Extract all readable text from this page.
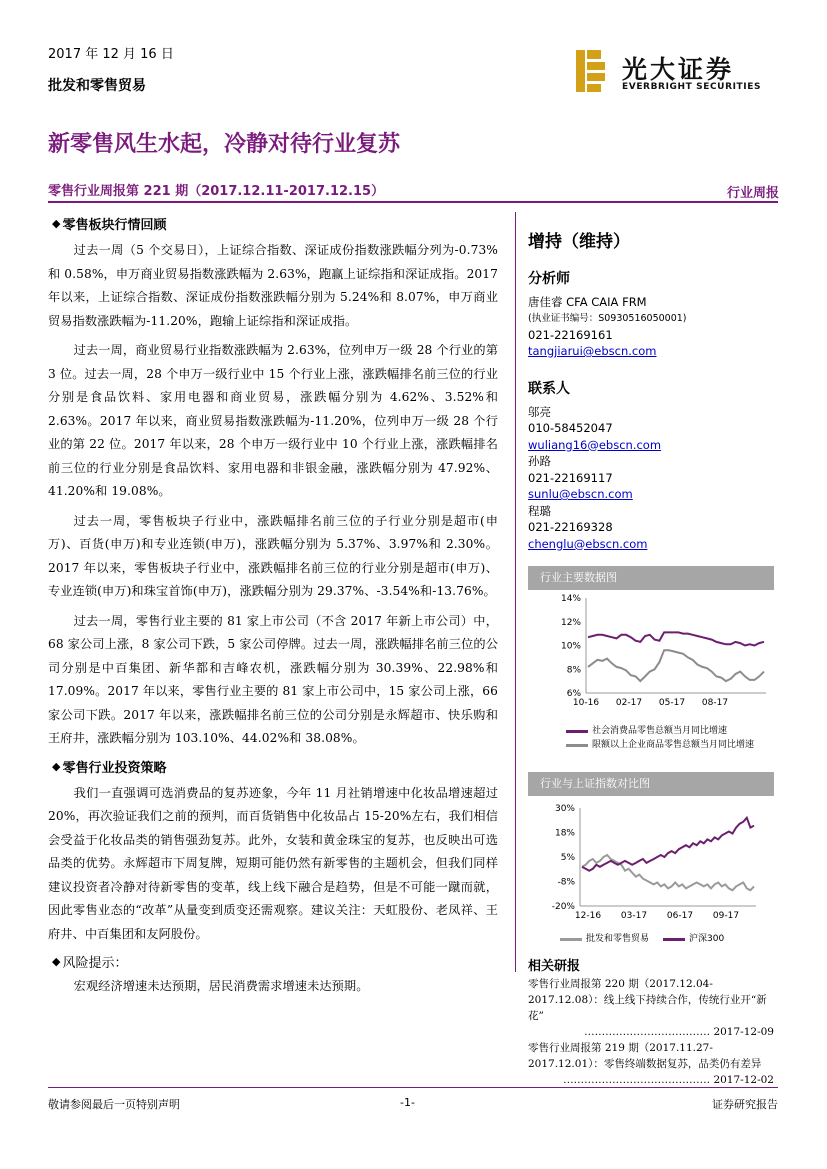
2017 年 12 月 16 日
批发和零售贸易
光大证券
EVERBRIGHT SECURITIES
新零售风生水起，冷静对待行业复苏
零售行业周报第 221 期（2017.12.11-2017.12.15）	行业周报
◆ 零售板块行情回顾

过去一周（5 个交易日），上证综合指数、深证成份指数涨跌幅分列为-0.73%和 0.58%，申万商业贸易指数涨跌幅为 2.63%，跑赢上证综指和深证成指。2017 年以来，上证综合指数、深证成份指数涨跌幅分别为 5.24%和 8.07%，申万商业贸易指数涨跌幅为-11.20%，跑输上证综指和深证成指。

过去一周，商业贸易行业指数涨跌幅为 2.63%，位列申万一级 28 个行业的第 3 位。过去一周，28 个申万一级行业中 15 个行业上涨，涨跌幅排名前三位的行业分别是食品饮料、家用电器和商业贸易，涨跌幅分别为 4.62%、3.52%和 2.63%。2017 年以来，商业贸易指数涨跌幅为-11.20%，位列申万一级 28 个行业的第 22 位。2017 年以来，28 个申万一级行业中 10 个行业上涨，涨跌幅排名前三位的行业分别是食品饮料、家用电器和非银金融，涨跌幅分别为 47.92%、41.20%和 19.08%。

过去一周，零售板块子行业中，涨跌幅排名前三位的子行业分别是超市(申万)、百货(申万)和专业连锁(申万)，涨跌幅分别为 5.37%、3.97%和 2.30%。2017 年以来，零售板块子行业中，涨跌幅排名前三位的行业分别是超市(申万)、专业连锁(申万)和珠宝首饰(申万)，涨跌幅分别为 29.37%、-3.54%和-13.76%。

过去一周，零售行业主要的 81 家上市公司（不含 2017 年新上市公司）中，68 家公司上涨，8 家公司下跌，5 家公司停牌。过去一周，涨跌幅排名前三位的公司分别是中百集团、新华都和吉峰农机，涨跌幅分别为 30.39%、22.98%和 17.09%。2017 年以来，零售行业主要的 81 家上市公司中，15 家公司上涨，66 家公司下跌。2017 年以来，涨跌幅排名前三位的公司分别是永辉超市、快乐购和王府井，涨跌幅分别为 103.10%、44.02%和 38.08%。

◆ 零售行业投资策略

我们一直强调可选消费品的复苏迹象，今年 11 月社销增速中化妆品增速超过 20%，再次验证我们之前的预判，而百货销售中化妆品占 15-20%左右，我们相信会受益于化妆品类的销售强劲复苏。此外，女装和黄金珠宝的复苏，也反映出可选品类的优势。永辉超市下周复牌，短期可能仍然有新零售的主题机会，但我们同样建议投资者冷静对待新零售的变革，线上线下融合是趋势，但是不可能一蹴而就，因此零售业态的“改革”从量变到质变还需观察。建议关注：天虹股份、老凤祥、王府井、中百集团和友阿股份。

◆ 风险提示：

宏观经济增速未达预期，居民消费需求增速未达预期。

增持（维持）
分析师
唐佳睿 CFA CAIA FRM
(执业证书编号：S0930516050001)
021-22169161
tangjiarui@ebscn.com
联系人
邬亮
010-58452047
wuliang16@ebscn.com
孙路
021-22169117
sunlu@ebscn.com
程璐
021-22169328
chenglu@ebscn.com
行业主要数据图
14%
12%
10%
8%
6%
10-16 02-17 05-17 08-17
社会消费品零售总额当月同比增速
限额以上企业商品零售总额当月同比增速
行业与上证指数对比图
30%
18%
5%
-8%
-20%
12-16 03-17 06-17 09-17
批发和零售贸易	沪深300
相关研报
零售行业周报第 220 期（2017.12.04-2017.12.08）：线上线下持续合作，传统行业开“新花”
……………………………… 2017-12-09
零售行业周报第 219 期（2017.11.27-2017.12.01）：零售终端数据复苏，品类仍有差异
…………………………………… 2017-12-02
敬请参阅最后一页特别声明	-1-	证券研究报告
